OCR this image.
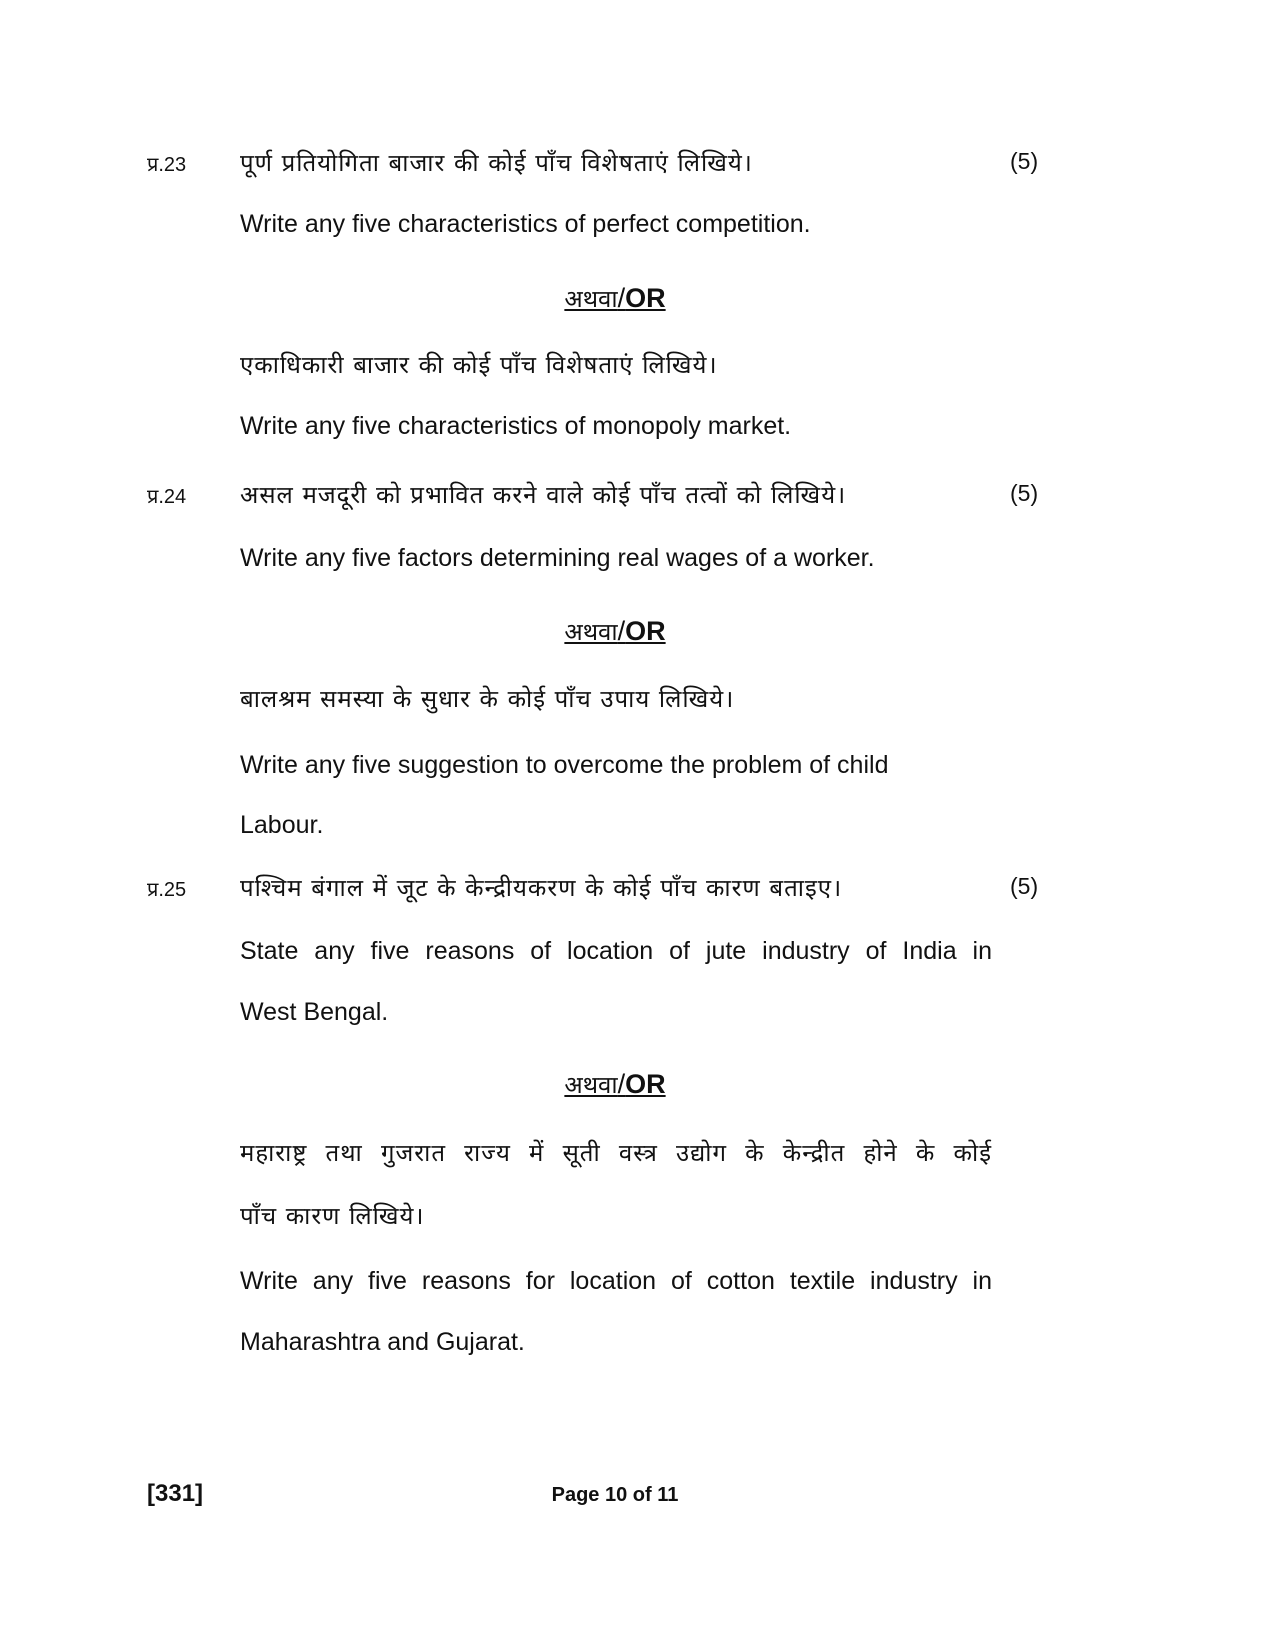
प्र.23 पूर्ण प्रतियोगिता बाजार की कोई पाँच विशेषताएं लिखिये।	(5)
Write any five characteristics of perfect competition.
अथवा/OR
एकाधिकारी बाजार की कोई पाँच विशेषताएं लिखिये।
Write any five characteristics of monopoly market.
प्र.24 असल मजदूरी को प्रभावित करने वाले कोई पाँच तत्वों को लिखिये।	(5)
Write any five factors determining real wages of a worker.
अथवा/OR
बालश्रम समस्या के सुधार के कोई पाँच उपाय लिखिये।
Write any five suggestion to overcome the problem of child
Labour.
प्र.25 पश्चिम बंगाल में जूट के केन्द्रीयकरण के कोई पाँच कारण बताइए।	(5)
State any five reasons of location of jute industry of India in
West Bengal.
अथवा/OR
महाराष्ट्र तथा गुजरात राज्य में सूती वस्त्र उद्योग के केन्द्रीत होने के कोई
पाँच कारण लिखिये।
Write any five reasons for location of cotton textile industry in
Maharashtra and Gujarat.
[331]	Page 10 of 11
